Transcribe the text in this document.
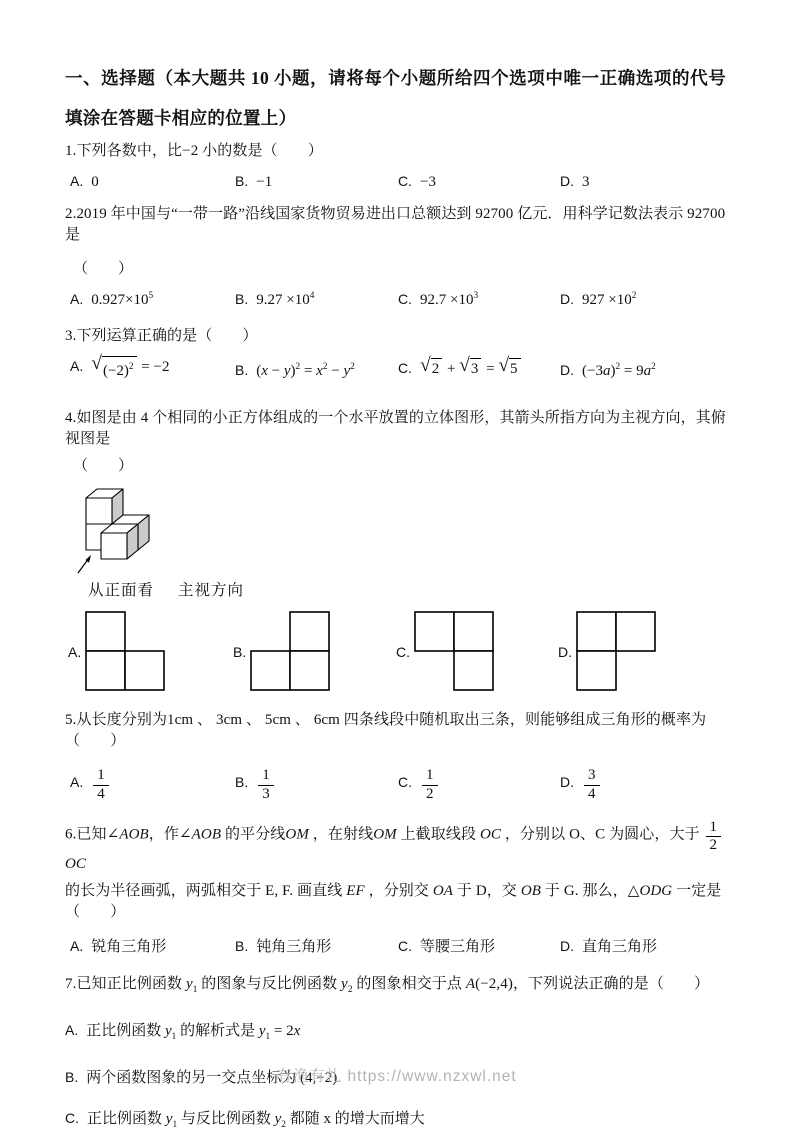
一、选择题（本大题共 10 小题，请将每个小题所给四个选项中唯一正确选项的代号填涂在答题卡相应的位置上）
1.下列各数中，比−2 小的数是（　　）
A. 0	B. −1	C. −3	D. 3
2.2019 年中国与“一带一路”沿线国家货物贸易进出口总额达到 92700 亿元．用科学记数法表示 92700 是
（　　）
A. $0.927\times 10^5$	B. $9.27 \times 10^4$	C. $92.7 \times 10^3$	D. $927 \times 10^2$
3.下列运算正确的是（　　）
A. √ $(-2)^2 = -2$	B. $(x - y)^2 = x^2 - y^2$	C. √ 2 + √ 3 = √ 5	D. $(-3a)^2 = 9a^2$
4.如图是由 4 个相同的小正方体组成的一个水平放置的立体图形，其箭头所指方向为主视方向，其俯视图是
（　　）
从正面看 主视方向
A.	B.	C.	D.
5.从长度分别为1cm 、 3cm 、 5cm 、 6cm 四条线段中随机取出三条，则能够组成三角形的概率为（　　）
A. $\frac{1}{4}$	B. $\frac{1}{3}$	C. $\frac{1}{2}$	D. $\frac{3}{4}$
6.已知∠AOB，作∠AOB 的平分线OM ，在射线OM 上截取线段 OC ，分别以 O、C 为圆心，大于 $\frac{1}{2}$
OC
的长为半径画弧，两弧相交于 E, F. 画直线 EF ，分别交 OA 于 D，交 OB 于 G. 那么，△ODG 一定是（　　）
A. 锐角三角形	B. 钝角三角形	C. 等腰三角形	D. 直角三角形
7.已知正比例函数 $y_1$ 的图象与反比例函数 $y_2$ 的图象相交于点 A(−2,4)，下列说法正确的是（　　）
A. 正比例函数 $y_1$ 的解析式是 $y_1 = 2x$
B. 两个函数图象的另一交点坐标为 (4,−2)
C. 正比例函数 $y_1$ 与反比例函数 $y_2$ 都随 x 的增大而增大
有渔有礼 https://www.nzxwl.net
